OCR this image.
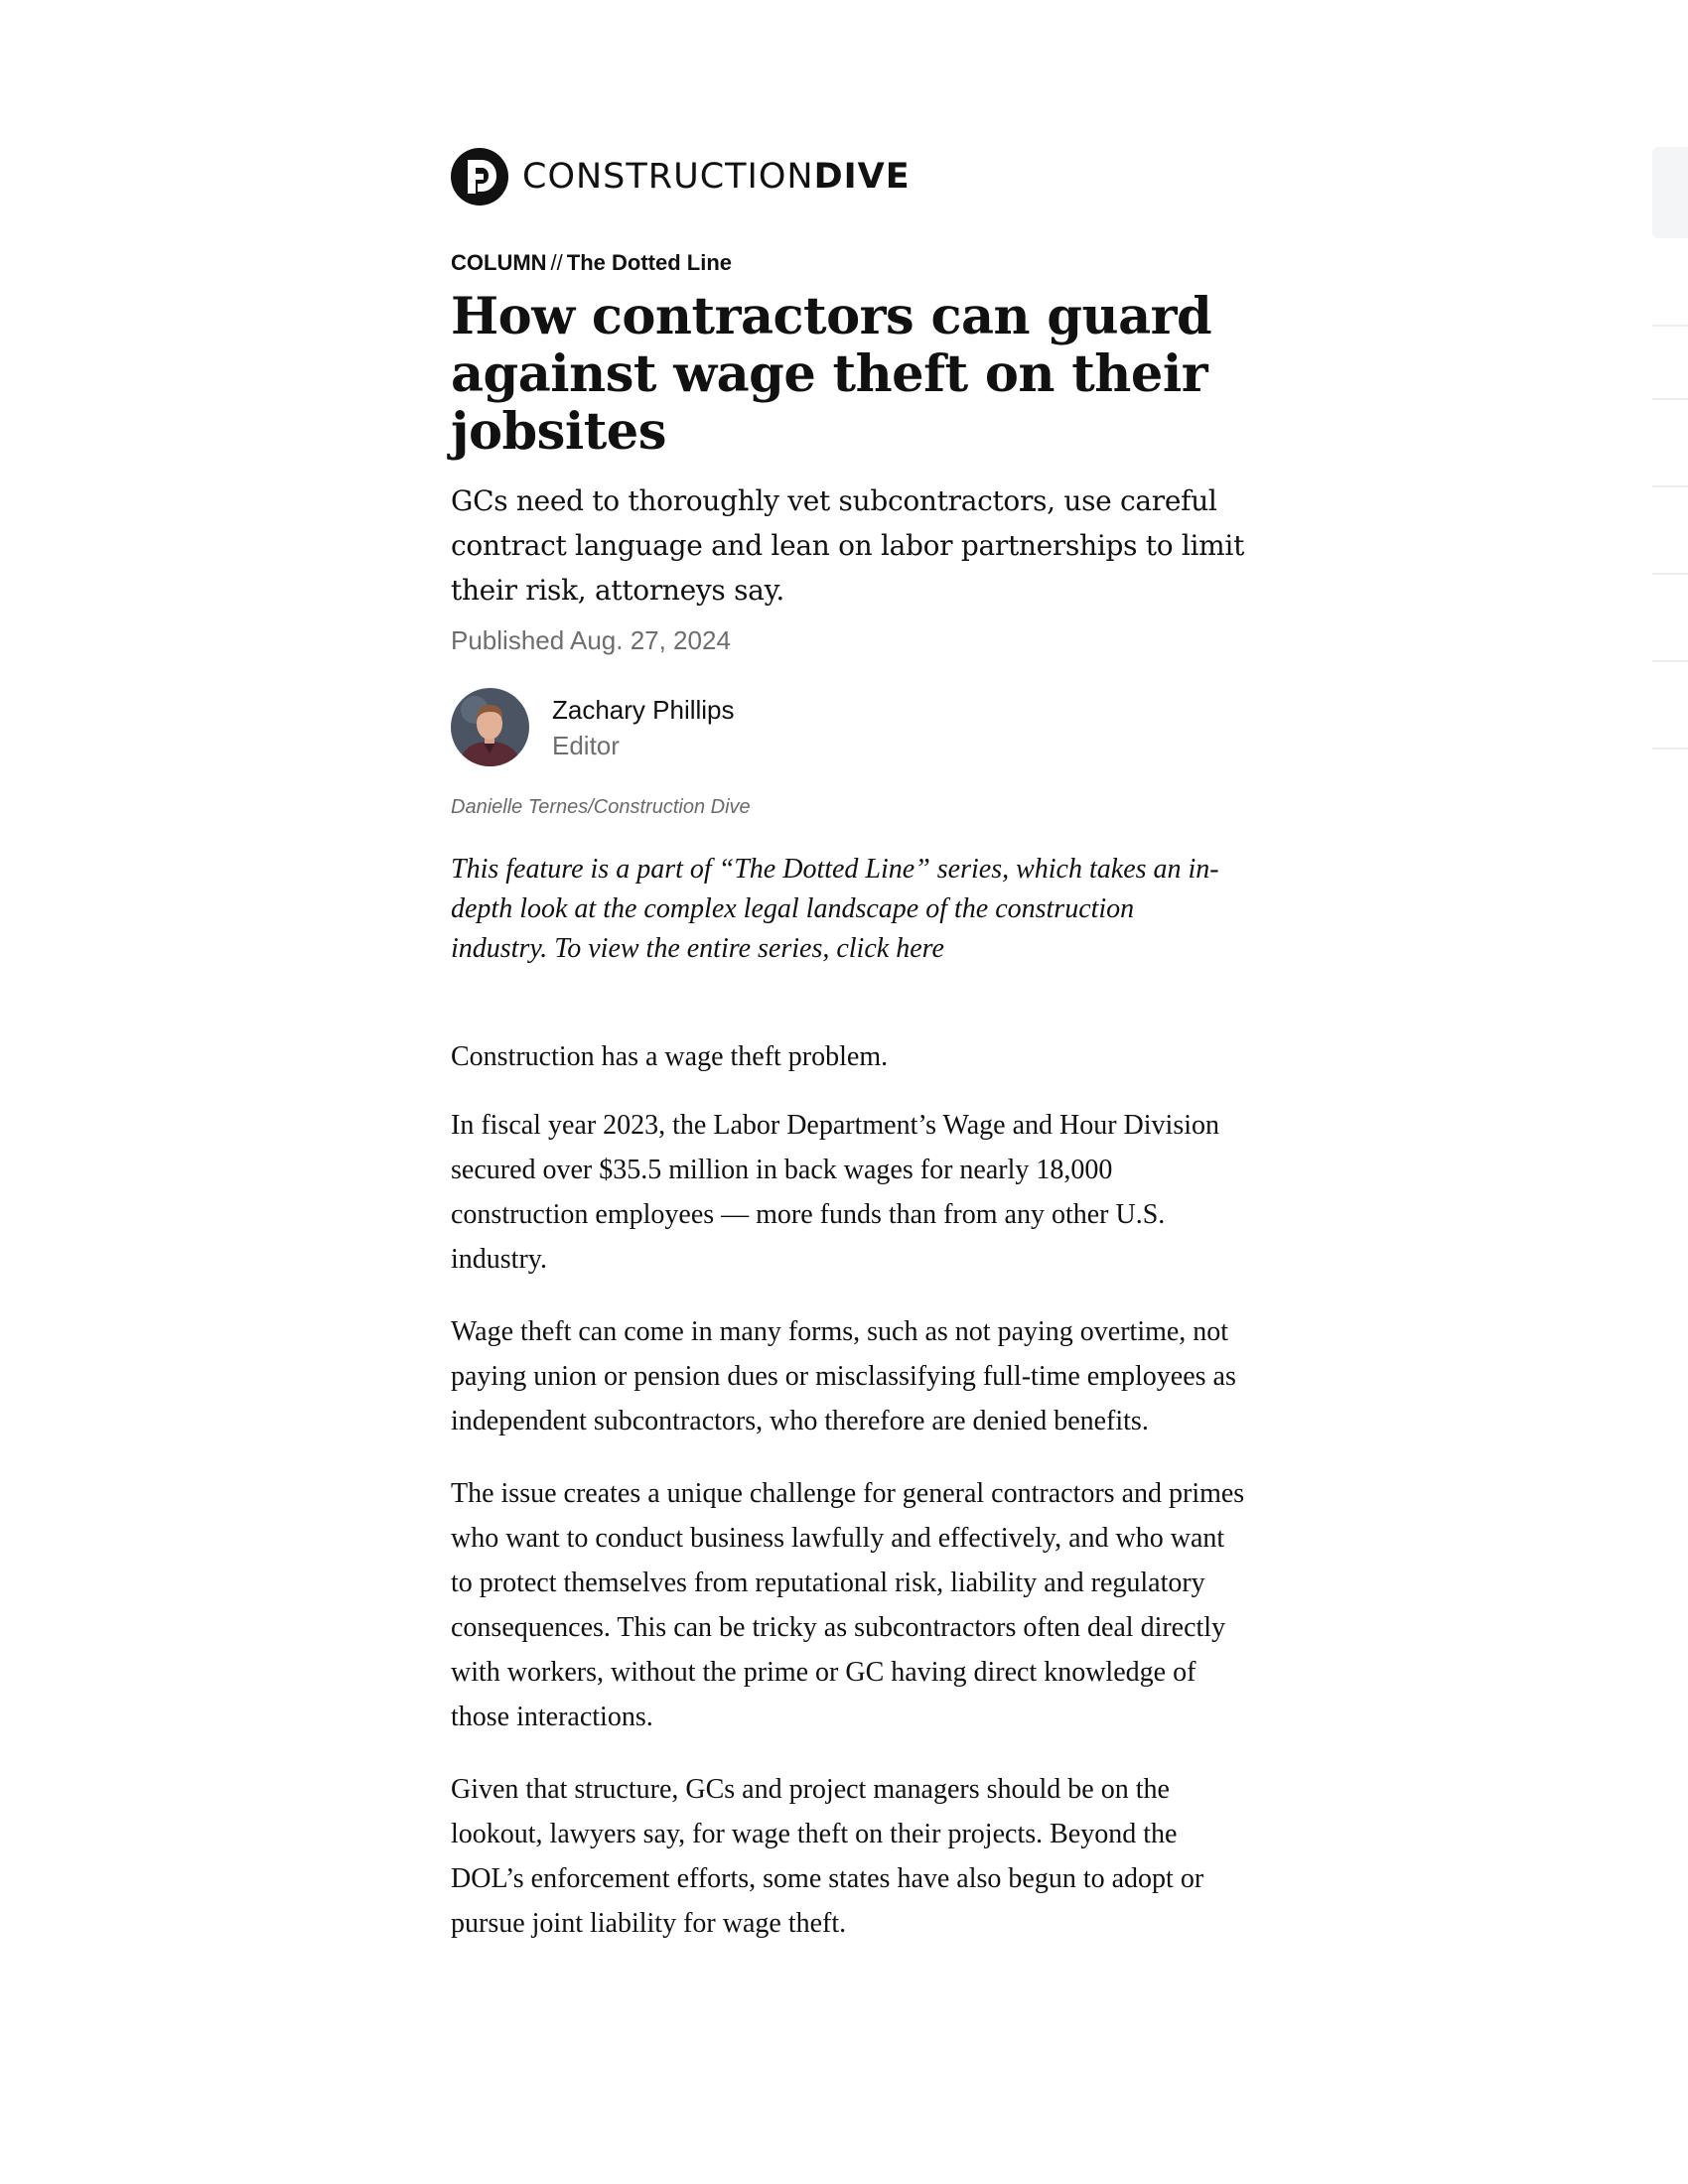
CONSTRUCTIONDIVE
COLUMN // The Dotted Line
How contractors can guard against wage theft on their jobsites

GCs need to thoroughly vet subcontractors, use careful contract language and lean on labor partnerships to limit their risk, attorneys say.

Published Aug. 27, 2024
Zachary Phillips
Editor
Danielle Ternes/Construction Dive

This feature is a part of “The Dotted Line” series, which takes an in-depth look at the complex legal landscape of the construction industry. To view the entire series, click here

Construction has a wage theft problem.

In fiscal year 2023, the Labor Department’s Wage and Hour Division secured over $35.5 million in back wages for nearly 18,000 construction employees — more funds than from any other U.S. industry.

Wage theft can come in many forms, such as not paying overtime, not paying union or pension dues or misclassifying full-time employees as independent subcontractors, who therefore are denied benefits.

The issue creates a unique challenge for general contractors and primes who want to conduct business lawfully and effectively, and who want to protect themselves from reputational risk, liability and regulatory consequences. This can be tricky as subcontractors often deal directly with workers, without the prime or GC having direct knowledge of those interactions.

Given that structure, GCs and project managers should be on the lookout, lawyers say, for wage theft on their projects. Beyond the DOL’s enforcement efforts, some states have also begun to adopt or pursue joint liability for wage theft.
